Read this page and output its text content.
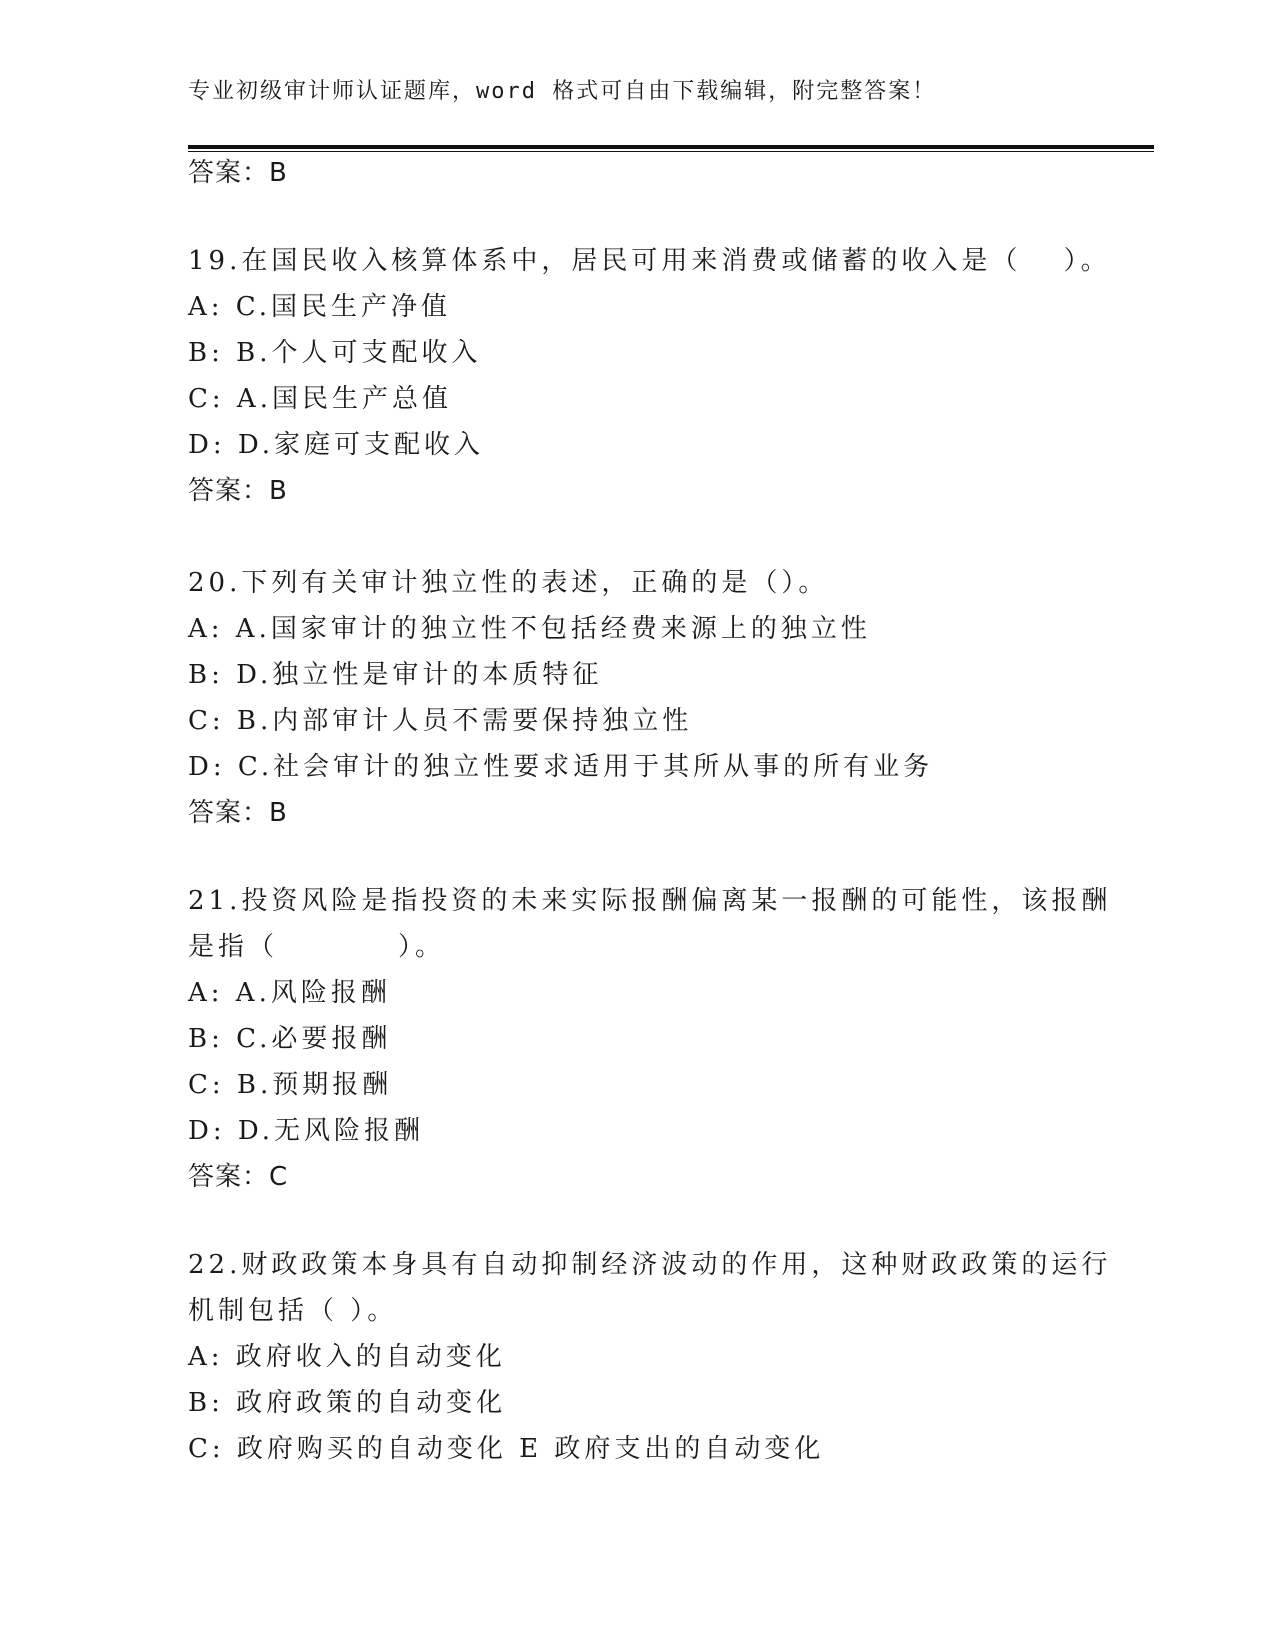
专业初级审计师认证题库，word 格式可自由下载编辑，附完整答案！
答案：B
19.在国民收入核算体系中，居民可用来消费或储蓄的收入是（　 ）。
A: C.国民生产净值
B: B.个人可支配收入
C: A.国民生产总值
D: D.家庭可支配收入
答案：B
20.下列有关审计独立性的表述，正确的是（）。
A: A.国家审计的独立性不包括经费来源上的独立性
B: D.独立性是审计的本质特征
C: B.内部审计人员不需要保持独立性
D: C.社会审计的独立性要求适用于其所从事的所有业务
答案：B
21.投资风险是指投资的未来实际报酬偏离某一报酬的可能性，该报酬
是指（　　　　）。
A: A.风险报酬
B: C.必要报酬
C: B.预期报酬
D: D.无风险报酬
答案：C
22.财政政策本身具有自动抑制经济波动的作用，这种财政政策的运行
机制包括（ ）。
A: 政府收入的自动变化
B: 政府政策的自动变化
C: 政府购买的自动变化 E 政府支出的自动变化
